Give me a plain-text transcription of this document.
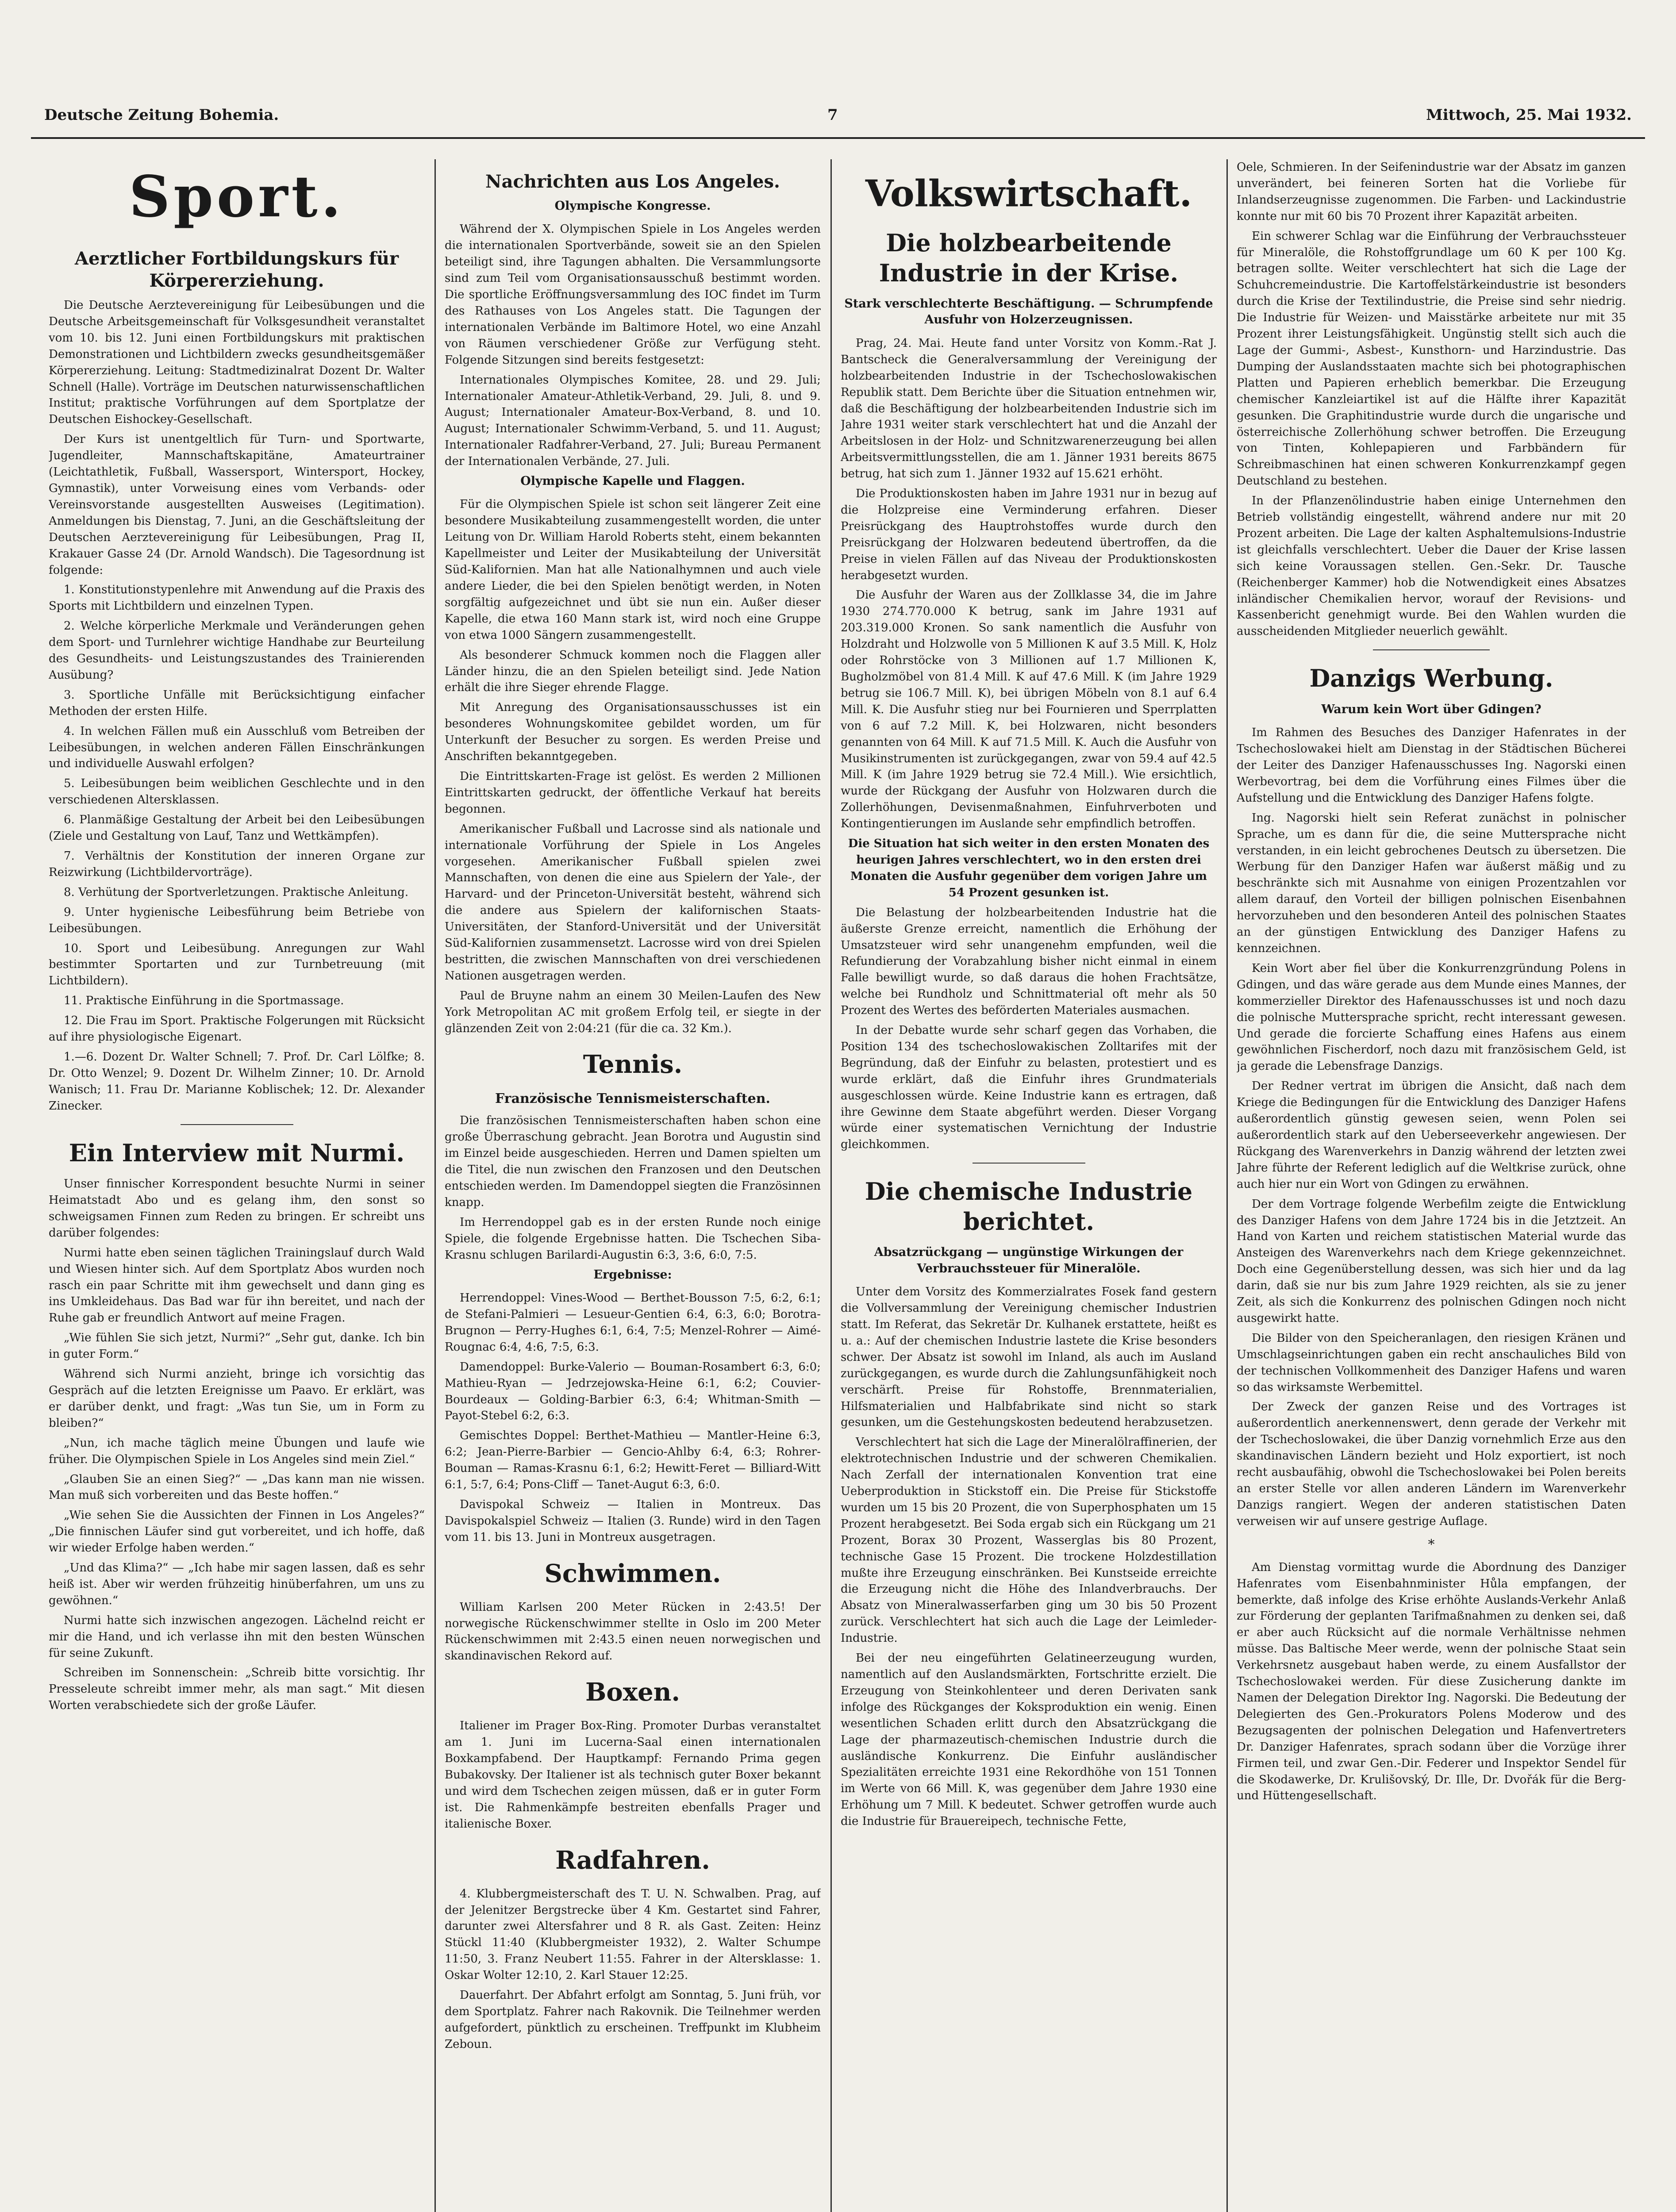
Deutsche Zeitung Bohemia.	7	Mittwoch, 25. Mai 1932.
Sport.
Aerztlicher Fortbildungskurs für Körpererziehung.

Die Deutsche Aerztevereinigung für Leibesübungen und die Deutsche Arbeitsgemeinschaft für Volksgesundheit veranstaltet vom 10. bis 12. Juni einen Fortbildungskurs mit praktischen Demonstrationen und Lichtbildern zwecks gesundheitsgemäßer Körpererziehung. Leitung: Stadtmedizinalrat Dozent Dr. Walter Schnell (Halle). Vorträge im Deutschen naturwissenschaftlichen Institut; praktische Vorführungen auf dem Sportplatze der Deutschen Eishockey-Gesellschaft.

Der Kurs ist unentgeltlich für Turn- und Sportwarte, Jugendleiter, Mannschaftskapitäne, Amateurtrainer (Leichtathletik, Fußball, Wassersport, Wintersport, Hockey, Gymnastik), unter Vorweisung eines vom Verbands- oder Vereinsvorstande ausgestellten Ausweises (Legitimation). Anmeldungen bis Dienstag, 7. Juni, an die Geschäftsleitung der Deutschen Aerztevereinigung für Leibesübungen, Prag II, Krakauer Gasse 24 (Dr. Arnold Wandsch). Die Tagesordnung ist folgende:

1. Konstitutionstypenlehre mit Anwendung auf die Praxis des Sports mit Lichtbildern und einzelnen Typen.

2. Welche körperliche Merkmale und Veränderungen gehen dem Sport- und Turnlehrer wichtige Handhabe zur Beurteilung des Gesundheits- und Leistungszustandes des Trainierenden Ausübung?

3. Sportliche Unfälle mit Berücksichtigung einfacher Methoden der ersten Hilfe.

4. In welchen Fällen muß ein Ausschluß vom Betreiben der Leibesübungen, in welchen anderen Fällen Einschränkungen und individuelle Auswahl erfolgen?

5. Leibesübungen beim weiblichen Geschlechte und in den verschiedenen Altersklassen.

6. Planmäßige Gestaltung der Arbeit bei den Leibesübungen (Ziele und Gestaltung von Lauf, Tanz und Wettkämpfen).

7. Verhältnis der Konstitution der inneren Organe zur Reizwirkung (Lichtbildervorträge).

8. Verhütung der Sportverletzungen. Praktische Anleitung.

9. Unter hygienische Leibesführung beim Betriebe von Leibesübungen.

10. Sport und Leibesübung. Anregungen zur Wahl bestimmter Sportarten und zur Turnbetreuung (mit Lichtbildern).

11. Praktische Einführung in die Sportmassage.

12. Die Frau im Sport. Praktische Folgerungen mit Rücksicht auf ihre physiologische Eigenart.

1.—6. Dozent Dr. Walter Schnell; 7. Prof. Dr. Carl Lölfke; 8. Dr. Otto Wenzel; 9. Dozent Dr. Wilhelm Zinner; 10. Dr. Arnold Wanisch; 11. Frau Dr. Marianne Koblischek; 12. Dr. Alexander Zinecker.

Ein Interview mit Nurmi.

Unser finnischer Korrespondent besuchte Nurmi in seiner Heimatstadt Abo und es gelang ihm, den sonst so schweigsamen Finnen zum Reden zu bringen. Er schreibt uns darüber folgendes:

Nurmi hatte eben seinen täglichen Trainingslauf durch Wald und Wiesen hinter sich. Auf dem Sportplatz Abos wurden noch rasch ein paar Schritte mit ihm gewechselt und dann ging es ins Umkleidehaus. Das Bad war für ihn bereitet, und nach der Ruhe gab er freundlich Antwort auf meine Fragen.

„Wie fühlen Sie sich jetzt, Nurmi?“ „Sehr gut, danke. Ich bin in guter Form.“

Während sich Nurmi anzieht, bringe ich vorsichtig das Gespräch auf die letzten Ereignisse um Paavo. Er erklärt, was er darüber denkt, und fragt: „Was tun Sie, um in Form zu bleiben?“

„Nun, ich mache täglich meine Übungen und laufe wie früher. Die Olympischen Spiele in Los Angeles sind mein Ziel.“

„Glauben Sie an einen Sieg?“ — „Das kann man nie wissen. Man muß sich vorbereiten und das Beste hoffen.“

„Wie sehen Sie die Aussichten der Finnen in Los Angeles?“ „Die finnischen Läufer sind gut vorbereitet, und ich hoffe, daß wir wieder Erfolge haben werden.“

„Und das Klima?“ — „Ich habe mir sagen lassen, daß es sehr heiß ist. Aber wir werden frühzeitig hinüberfahren, um uns zu gewöhnen.“

Nurmi hatte sich inzwischen angezogen. Lächelnd reicht er mir die Hand, und ich verlasse ihn mit den besten Wünschen für seine Zukunft.

Schreiben im Sonnenschein: „Schreib bitte vorsichtig. Ihr Presseleute schreibt immer mehr, als man sagt.“ Mit diesen Worten verabschiedete sich der große Läufer.

Nachrichten aus Los Angeles.
Olympische Kongresse.

Während der X. Olympischen Spiele in Los Angeles werden die internationalen Sportverbände, soweit sie an den Spielen beteiligt sind, ihre Tagungen abhalten. Die Versammlungsorte sind zum Teil vom Organisationsausschuß bestimmt worden. Die sportliche Eröffnungsversammlung des IOC findet im Turm des Rathauses von Los Angeles statt. Die Tagungen der internationalen Verbände im Baltimore Hotel, wo eine Anzahl von Räumen verschiedener Größe zur Verfügung steht. Folgende Sitzungen sind bereits festgesetzt:

Internationales Olympisches Komitee, 28. und 29. Juli; Internationaler Amateur-Athletik-Verband, 29. Juli, 8. und 9. August; Internationaler Amateur-Box-Verband, 8. und 10. August; Internationaler Schwimm-Verband, 5. und 11. August; Internationaler Radfahrer-Verband, 27. Juli; Bureau Permanent der Internationalen Verbände, 27. Juli.

Olympische Kapelle und Flaggen.

Für die Olympischen Spiele ist schon seit längerer Zeit eine besondere Musikabteilung zusammengestellt worden, die unter Leitung von Dr. William Harold Roberts steht, einem bekannten Kapellmeister und Leiter der Musikabteilung der Universität Süd-Kalifornien. Man hat alle Nationalhymnen und auch viele andere Lieder, die bei den Spielen benötigt werden, in Noten sorgfältig aufgezeichnet und übt sie nun ein. Außer dieser Kapelle, die etwa 160 Mann stark ist, wird noch eine Gruppe von etwa 1000 Sängern zusammengestellt.

Als besonderer Schmuck kommen noch die Flaggen aller Länder hinzu, die an den Spielen beteiligt sind. Jede Nation erhält die ihre Sieger ehrende Flagge.

Mit Anregung des Organisationsausschusses ist ein besonderes Wohnungskomitee gebildet worden, um für Unterkunft der Besucher zu sorgen. Es werden Preise und Anschriften bekanntgegeben.

Die Eintrittskarten-Frage ist gelöst. Es werden 2 Millionen Eintrittskarten gedruckt, der öffentliche Verkauf hat bereits begonnen.

Amerikanischer Fußball und Lacrosse sind als nationale und internationale Vorführung der Spiele in Los Angeles vorgesehen. Amerikanischer Fußball spielen zwei Mannschaften, von denen die eine aus Spielern der Yale-, der Harvard- und der Princeton-Universität besteht, während sich die andere aus Spielern der kalifornischen Staats-Universitäten, der Stanford-Universität und der Universität Süd-Kalifornien zusammensetzt. Lacrosse wird von drei Spielen bestritten, die zwischen Mannschaften von drei verschiedenen Nationen ausgetragen werden.

Paul de Bruyne nahm an einem 30 Meilen-Laufen des New York Metropolitan AC mit großem Erfolg teil, er siegte in der glänzenden Zeit von 2:04:21 (für die ca. 32 Km.).

Tennis.
Französische Tennismeisterschaften.

Die französischen Tennismeisterschaften haben schon eine große Überraschung gebracht. Jean Borotra und Augustin sind im Einzel beide ausgeschieden. Herren und Damen spielten um die Titel, die nun zwischen den Franzosen und den Deutschen entschieden werden. Im Damendoppel siegten die Französinnen knapp.

Im Herrendoppel gab es in der ersten Runde noch einige Spiele, die folgende Ergebnisse hatten. Die Tschechen Siba-Krasnu schlugen Barilardi-Augustin 6:3, 3:6, 6:0, 7:5.

Ergebnisse:

Herrendoppel: Vines-Wood — Berthet-Bousson 7:5, 6:2, 6:1; de Stefani-Palmieri — Lesueur-Gentien 6:4, 6:3, 6:0; Borotra-Brugnon — Perry-Hughes 6:1, 6:4, 7:5; Menzel-Rohrer — Aimé-Rougnac 6:4, 4:6, 7:5, 6:3.

Damendoppel: Burke-Valerio — Bouman-Rosambert 6:3, 6:0; Mathieu-Ryan — Jedrzejowska-Heine 6:1, 6:2; Couvier-Bourdeaux — Golding-Barbier 6:3, 6:4; Whitman-Smith — Payot-Stebel 6:2, 6:3.

Gemischtes Doppel: Berthet-Mathieu — Mantler-Heine 6:3, 6:2; Jean-Pierre-Barbier — Gencio-Ahlby 6:4, 6:3; Rohrer-Bouman — Ramas-Krasnu 6:1, 6:2; Hewitt-Feret — Billiard-Witt 6:1, 5:7, 6:4; Pons-Cliff — Tanet-Augut 6:3, 6:0.

Davispokal Schweiz — Italien in Montreux. Das Davispokalspiel Schweiz — Italien (3. Runde) wird in den Tagen vom 11. bis 13. Juni in Montreux ausgetragen.

Schwimmen.

William Karlsen 200 Meter Rücken in 2:43.5! Der norwegische Rückenschwimmer stellte in Oslo im 200 Meter Rückenschwimmen mit 2:43.5 einen neuen norwegischen und skandinavischen Rekord auf.

Boxen.

Italiener im Prager Box-Ring. Promoter Durbas veranstaltet am 1. Juni im Lucerna-Saal einen internationalen Boxkampfabend. Der Hauptkampf: Fernando Prima gegen Bubakovsky. Der Italiener ist als technisch guter Boxer bekannt und wird dem Tschechen zeigen müssen, daß er in guter Form ist. Die Rahmenkämpfe bestreiten ebenfalls Prager und italienische Boxer.

Radfahren.

4. Klubbergmeisterschaft des T. U. N. Schwalben. Prag, auf der Jelenitzer Bergstrecke über 4 Km. Gestartet sind Fahrer, darunter zwei Altersfahrer und 8 R. als Gast. Zeiten: Heinz Stückl 11:40 (Klubbergmeister 1932), 2. Walter Schumpe 11:50, 3. Franz Neubert 11:55. Fahrer in der Altersklasse: 1. Oskar Wolter 12:10, 2. Karl Stauer 12:25.

Dauerfahrt. Der Abfahrt erfolgt am Sonntag, 5. Juni früh, vor dem Sportplatz. Fahrer nach Rakovnik. Die Teilnehmer werden aufgefordert, pünktlich zu erscheinen. Treffpunkt im Klubheim Zeboun.

Volkswirtschaft.
Die holzbearbeitende Industrie in der Krise.
Stark verschlechterte Beschäftigung. — Schrumpfende Ausfuhr von Holzerzeugnissen.

Prag, 24. Mai. Heute fand unter Vorsitz von Komm.-Rat J. Bantscheck die Generalversammlung der Vereinigung der holzbearbeitenden Industrie in der Tschechoslowakischen Republik statt. Dem Berichte über die Situation entnehmen wir, daß die Beschäftigung der holzbearbeitenden Industrie sich im Jahre 1931 weiter stark verschlechtert hat und die Anzahl der Arbeitslosen in der Holz- und Schnitzwarenerzeugung bei allen Arbeitsvermittlungsstellen, die am 1. Jänner 1931 bereits 8675 betrug, hat sich zum 1. Jänner 1932 auf 15.621 erhöht.

Die Produktionskosten haben im Jahre 1931 nur in bezug auf die Holzpreise eine Verminderung erfahren. Dieser Preisrückgang des Hauptrohstoffes wurde durch den Preisrückgang der Holzwaren bedeutend übertroffen, da die Preise in vielen Fällen auf das Niveau der Produktionskosten herabgesetzt wurden.

Die Ausfuhr der Waren aus der Zollklasse 34, die im Jahre 1930 274.770.000 K betrug, sank im Jahre 1931 auf 203.319.000 Kronen. So sank namentlich die Ausfuhr von Holzdraht und Holzwolle von 5 Millionen K auf 3.5 Mill. K, Holz oder Rohrstöcke von 3 Millionen auf 1.7 Millionen K, Bugholzmöbel von 81.4 Mill. K auf 47.6 Mill. K (im Jahre 1929 betrug sie 106.7 Mill. K), bei übrigen Möbeln von 8.1 auf 6.4 Mill. K. Die Ausfuhr stieg nur bei Fournieren und Sperrplatten von 6 auf 7.2 Mill. K, bei Holzwaren, nicht besonders genannten von 64 Mill. K auf 71.5 Mill. K. Auch die Ausfuhr von Musikinstrumenten ist zurückgegangen, zwar von 59.4 auf 42.5 Mill. K (im Jahre 1929 betrug sie 72.4 Mill.). Wie ersichtlich, wurde der Rückgang der Ausfuhr von Holzwaren durch die Zollerhöhungen, Devisenmaßnahmen, Einfuhrverboten und Kontingentierungen im Auslande sehr empfindlich betroffen.

Die Situation hat sich weiter in den ersten Monaten des heurigen Jahres verschlechtert, wo in den ersten drei Monaten die Ausfuhr gegenüber dem vorigen Jahre um 54 Prozent gesunken ist.

Die Belastung der holzbearbeitenden Industrie hat die äußerste Grenze erreicht, namentlich die Erhöhung der Umsatzsteuer wird sehr unangenehm empfunden, weil die Refundierung der Vorabzahlung bisher nicht einmal in einem Falle bewilligt wurde, so daß daraus die hohen Frachtsätze, welche bei Rundholz und Schnittmaterial oft mehr als 50 Prozent des Wertes des beförderten Materiales ausmachen.

In der Debatte wurde sehr scharf gegen das Vorhaben, die Position 134 des tschechoslowakischen Zolltarifes mit der Begründung, daß der Einfuhr zu belasten, protestiert und es wurde erklärt, daß die Einfuhr ihres Grundmaterials ausgeschlossen würde. Keine Industrie kann es ertragen, daß ihre Gewinne dem Staate abgeführt werden. Dieser Vorgang würde einer systematischen Vernichtung der Industrie gleichkommen.

Die chemische Industrie berichtet.
Absatzrückgang — ungünstige Wirkungen der Verbrauchssteuer für Mineralöle.

Unter dem Vorsitz des Kommerzialrates Fosek fand gestern die Vollversammlung der Vereinigung chemischer Industrien statt. Im Referat, das Sekretär Dr. Kulhanek erstattete, heißt es u. a.: Auf der chemischen Industrie lastete die Krise besonders schwer. Der Absatz ist sowohl im Inland, als auch im Ausland zurückgegangen, es wurde durch die Zahlungsunfähigkeit noch verschärft. Preise für Rohstoffe, Brennmaterialien, Hilfsmaterialien und Halbfabrikate sind nicht so stark gesunken, um die Gestehungskosten bedeutend herabzusetzen.

Verschlechtert hat sich die Lage der Mineralölraffinerien, der elektrotechnischen Industrie und der schweren Chemikalien. Nach Zerfall der internationalen Konvention trat eine Ueberproduktion in Stickstoff ein. Die Preise für Stickstoffe wurden um 15 bis 20 Prozent, die von Superphosphaten um 15 Prozent herabgesetzt. Bei Soda ergab sich ein Rückgang um 21 Prozent, Borax 30 Prozent, Wasserglas bis 80 Prozent, technische Gase 15 Prozent. Die trockene Holzdestillation mußte ihre Erzeugung einschränken. Bei Kunstseide erreichte die Erzeugung nicht die Höhe des Inlandverbrauchs. Der Absatz von Mineralwasserfarben ging um 30 bis 50 Prozent zurück. Verschlechtert hat sich auch die Lage der Leimleder-Industrie.

Bei der neu eingeführten Gelatineerzeugung wurden, namentlich auf den Auslandsmärkten, Fortschritte erzielt. Die Erzeugung von Steinkohlenteer und deren Derivaten sank infolge des Rückganges der Koksproduktion ein wenig. Einen wesentlichen Schaden erlitt durch den Absatzrückgang die Lage der pharmazeutisch-chemischen Industrie durch die ausländische Konkurrenz. Die Einfuhr ausländischer Spezialitäten erreichte 1931 eine Rekordhöhe von 151 Tonnen im Werte von 66 Mill. K, was gegenüber dem Jahre 1930 eine Erhöhung um 7 Mill. K bedeutet. Schwer getroffen wurde auch die Industrie für Brauereipech, technische Fette,

Oele, Schmieren. In der Seifenindustrie war der Absatz im ganzen unverändert, bei feineren Sorten hat die Vorliebe für Inlandserzeugnisse zugenommen. Die Farben- und Lackindustrie konnte nur mit 60 bis 70 Prozent ihrer Kapazität arbeiten.

Ein schwerer Schlag war die Einführung der Verbrauchssteuer für Mineralöle, die Rohstoffgrundlage um 60 K per 100 Kg. betragen sollte. Weiter verschlechtert hat sich die Lage der Schuhcremeindustrie. Die Kartoffelstärkeindustrie ist besonders durch die Krise der Textilindustrie, die Preise sind sehr niedrig. Die Industrie für Weizen- und Maisstärke arbeitete nur mit 35 Prozent ihrer Leistungsfähigkeit. Ungünstig stellt sich auch die Lage der Gummi-, Asbest-, Kunsthorn- und Harzindustrie. Das Dumping der Auslandsstaaten machte sich bei photographischen Platten und Papieren erheblich bemerkbar. Die Erzeugung chemischer Kanzleiartikel ist auf die Hälfte ihrer Kapazität gesunken. Die Graphitindustrie wurde durch die ungarische und österreichische Zollerhöhung schwer betroffen. Die Erzeugung von Tinten, Kohlepapieren und Farbbändern für Schreibmaschinen hat einen schweren Konkurrenzkampf gegen Deutschland zu bestehen.

In der Pflanzenölindustrie haben einige Unternehmen den Betrieb vollständig eingestellt, während andere nur mit 20 Prozent arbeiten. Die Lage der kalten Asphaltemulsions-Industrie ist gleichfalls verschlechtert. Ueber die Dauer der Krise lassen sich keine Voraussagen stellen. Gen.-Sekr. Dr. Tausche (Reichenberger Kammer) hob die Notwendigkeit eines Absatzes inländischer Chemikalien hervor, worauf der Revisions- und Kassenbericht genehmigt wurde. Bei den Wahlen wurden die ausscheidenden Mitglieder neuerlich gewählt.

Danzigs Werbung.
Warum kein Wort über Gdingen?

Im Rahmen des Besuches des Danziger Hafenrates in der Tschechoslowakei hielt am Dienstag in der Städtischen Bücherei der Leiter des Danziger Hafenausschusses Ing. Nagorski einen Werbevortrag, bei dem die Vorführung eines Filmes über die Aufstellung und die Entwicklung des Danziger Hafens folgte.

Ing. Nagorski hielt sein Referat zunächst in polnischer Sprache, um es dann für die, die seine Muttersprache nicht verstanden, in ein leicht gebrochenes Deutsch zu übersetzen. Die Werbung für den Danziger Hafen war äußerst mäßig und zu beschränkte sich mit Ausnahme von einigen Prozentzahlen vor allem darauf, den Vorteil der billigen polnischen Eisenbahnen hervorzuheben und den besonderen Anteil des polnischen Staates an der günstigen Entwicklung des Danziger Hafens zu kennzeichnen.

Kein Wort aber fiel über die Konkurrenzgründung Polens in Gdingen, und das wäre gerade aus dem Munde eines Mannes, der kommerzieller Direktor des Hafenausschusses ist und noch dazu die polnische Muttersprache spricht, recht interessant gewesen. Und gerade die forcierte Schaffung eines Hafens aus einem gewöhnlichen Fischerdorf, noch dazu mit französischem Geld, ist ja gerade die Lebensfrage Danzigs.

Der Redner vertrat im übrigen die Ansicht, daß nach dem Kriege die Bedingungen für die Entwicklung des Danziger Hafens außerordentlich günstig gewesen seien, wenn Polen sei außerordentlich stark auf den Ueberseeverkehr angewiesen. Der Rückgang des Warenverkehrs in Danzig während der letzten zwei Jahre führte der Referent lediglich auf die Weltkrise zurück, ohne auch hier nur ein Wort von Gdingen zu erwähnen.

Der dem Vortrage folgende Werbefilm zeigte die Entwicklung des Danziger Hafens von dem Jahre 1724 bis in die Jetztzeit. An Hand von Karten und reichem statistischen Material wurde das Ansteigen des Warenverkehrs nach dem Kriege gekennzeichnet. Doch eine Gegenüberstellung dessen, was sich hier und da lag darin, daß sie nur bis zum Jahre 1929 reichten, als sie zu jener Zeit, als sich die Konkurrenz des polnischen Gdingen noch nicht ausgewirkt hatte.

Die Bilder von den Speicheranlagen, den riesigen Kränen und Umschlagseinrichtungen gaben ein recht anschauliches Bild von der technischen Vollkommenheit des Danziger Hafens und waren so das wirksamste Werbemittel.

Der Zweck der ganzen Reise und des Vortrages ist außerordentlich anerkennenswert, denn gerade der Verkehr mit der Tschechoslowakei, die über Danzig vornehmlich Erze aus den skandinavischen Ländern bezieht und Holz exportiert, ist noch recht ausbaufähig, obwohl die Tschechoslowakei bei Polen bereits an erster Stelle vor allen anderen Ländern im Warenverkehr Danzigs rangiert. Wegen der anderen statistischen Daten verweisen wir auf unsere gestrige Auflage.

*

Am Dienstag vormittag wurde die Abordnung des Danziger Hafenrates vom Eisenbahnminister Hůla empfangen, der bemerkte, daß infolge des Krise erhöhte Auslands-Verkehr Anlaß zur Förderung der geplanten Tarifmaßnahmen zu denken sei, daß er aber auch Rücksicht auf die normale Verhältnisse nehmen müsse. Das Baltische Meer werde, wenn der polnische Staat sein Verkehrsnetz ausgebaut haben werde, zu einem Ausfallstor der Tschechoslowakei werden. Für diese Zusicherung dankte im Namen der Delegation Direktor Ing. Nagorski. Die Bedeutung der Delegierten des Gen.-Prokurators Polens Moderow und des Bezugsagenten der polnischen Delegation und Hafenvertreters Dr. Danziger Hafenrates, sprach sodann über die Vorzüge ihrer Firmen teil, und zwar Gen.-Dir. Federer und Inspektor Sendel für die Skodawerke, Dr. Krulišovský, Dr. Ille, Dr. Dvořák für die Berg- und Hüttengesellschaft.
